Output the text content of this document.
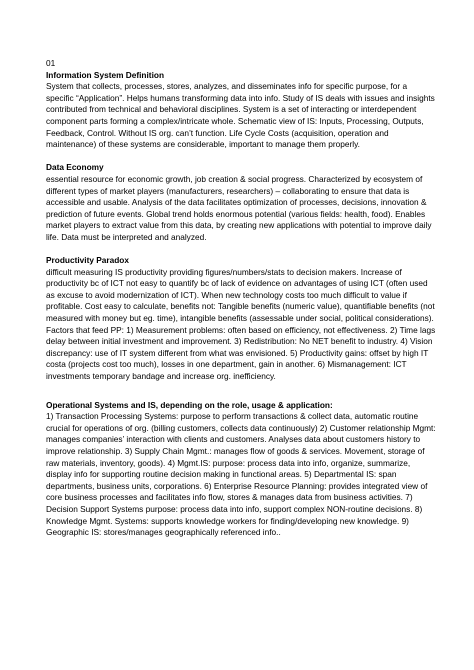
01
Information System Definition

System that collects, processes, stores, analyzes, and disseminates info for specific purpose, for a specific “Application”. Helps humans transforming data into info. Study of IS deals with issues and insights contributed from technical and behavioral disciplines. System is a set of interacting or interdependent component parts forming a complex/intricate whole. Schematic view of IS: Inputs, Processing, Outputs, Feedback, Control. Without IS org. can’t function. Life Cycle Costs (acquisition, operation and maintenance) of these systems are considerable, important to manage them properly.

Data Economy

essential resource for economic growth, job creation & social progress. Characterized by ecosystem of different types of market players (manufacturers, researchers) – collaborating to ensure that data is accessible and usable. Analysis of the data facilitates optimization of processes, decisions, innovation & prediction of future events. Global trend holds enormous potential (various fields: health, food). Enables market players to extract value from this data, by creating new applications with potential to improve daily life. Data must be interpreted and analyzed.

Productivity Paradox

difficult measuring IS productivity providing figures/numbers/stats to decision makers. Increase of productivity bc of ICT not easy to quantify bc of lack of evidence on advantages of using ICT (often used as excuse to avoid modernization of ICT). When new technology costs too much difficult to value if profitable. Cost easy to calculate, benefits not: Tangible benefits (numeric value), quantifiable benefits (not measured with money but eg. time), intangible benefits (assessable under social, political considerations). Factors that feed PP: 1) Measurement problems: often based on efficiency, not effectiveness. 2) Time lags delay between initial investment and improvement. 3) Redistribution: No NET benefit to industry. 4) Vision discrepancy: use of IT system different from what was envisioned. 5) Productivity gains: offset by high IT costa (projects cost too much), losses in one department, gain in another. 6) Mismanagement: ICT investments temporary bandage and increase org. inefficiency.

Operational Systems and IS, depending on the role, usage & application:

1) Transaction Processing Systems: purpose to perform transactions & collect data, automatic routine crucial for operations of org. (billing customers, collects data continuously) 2) Customer relationship Mgmt: manages companies’ interaction with clients and customers. Analyses data about customers history to improve relationship. 3) Supply Chain Mgmt.: manages flow of goods & services. Movement, storage of raw materials, inventory, goods). 4) Mgmt.IS: purpose: process data into info, organize, summarize, display info for supporting routine decision making in functional areas. 5) Departmental IS: span departments, business units, corporations. 6) Enterprise Resource Planning: provides integrated view of core business processes and facilitates info flow, stores & manages data from business activities. 7) Decision Support Systems purpose: process data into info, support complex NON-routine decisions. 8) Knowledge Mgmt. Systems: supports knowledge workers for finding/developing new knowledge. 9) Geographic IS: stores/manages geographically referenced info..
